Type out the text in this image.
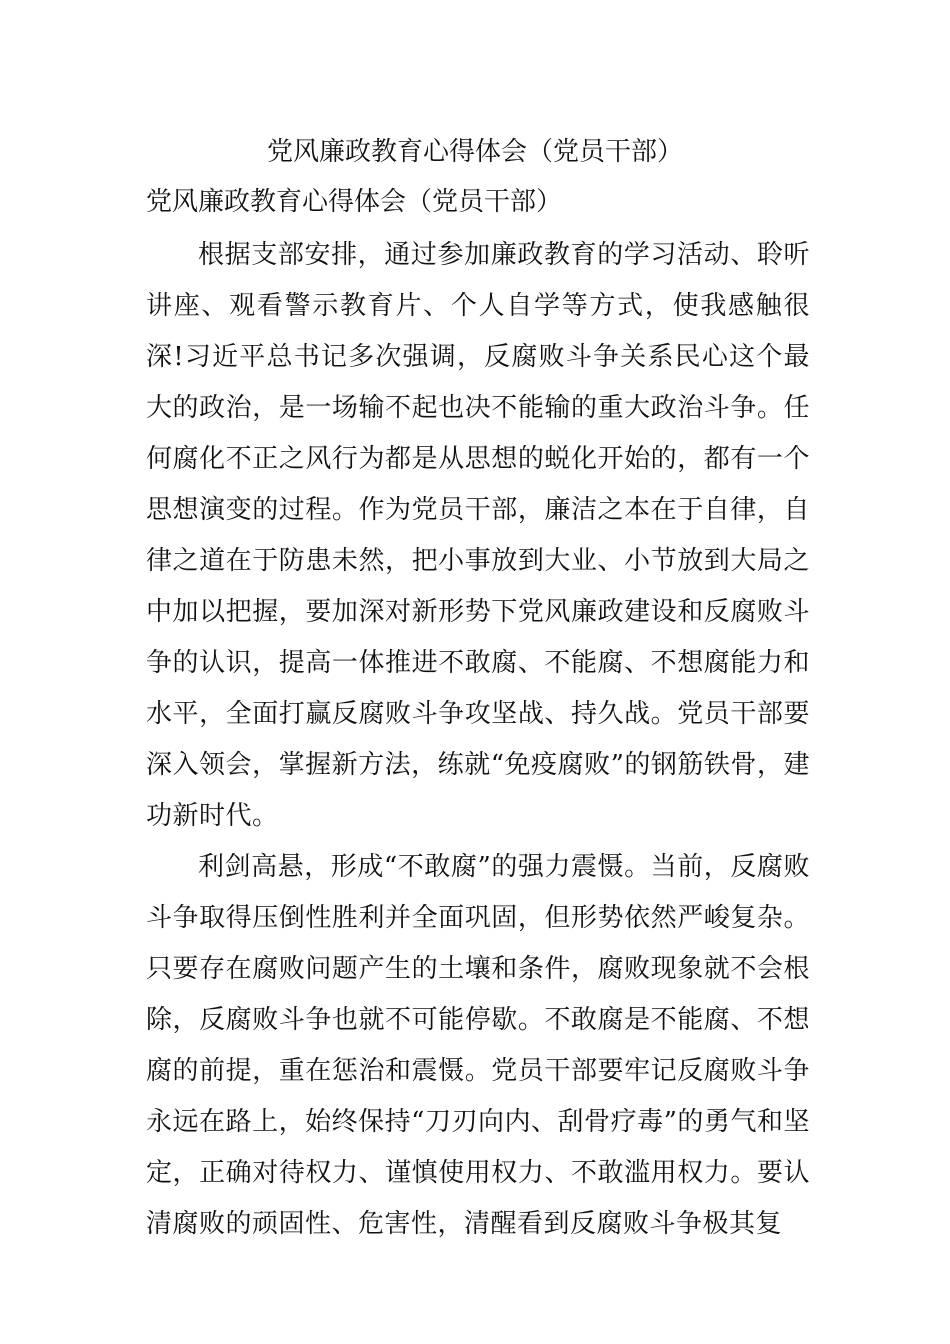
党风廉政教育心得体会（党员干部）

党风廉政教育心得体会（党员干部）

根据支部安排，通过参加廉政教育的学习活动、聆听讲座、观看警示教育片、个人自学等方式，使我感触很深!习近平总书记多次强调，反腐败斗争关系民心这个最大的政治，是一场输不起也决不能输的重大政治斗争。任何腐化不正之风行为都是从思想的蜕化开始的，都有一个思想演变的过程。作为党员干部，廉洁之本在于自律，自律之道在于防患未然，把小事放到大业、小节放到大局之中加以把握，要加深对新形势下党风廉政建设和反腐败斗争的认识，提高一体推进不敢腐、不能腐、不想腐能力和水平，全面打赢反腐败斗争攻坚战、持久战。党员干部要深入领会，掌握新方法，练就“免疫腐败”的钢筋铁骨，建功新时代。

利剑高悬，形成“不敢腐”的强力震慑。当前，反腐败斗争取得压倒性胜利并全面巩固，但形势依然严峻复杂。只要存在腐败问题产生的土壤和条件，腐败现象就不会根除，反腐败斗争也就不可能停歇。不敢腐是不能腐、不想腐的前提，重在惩治和震慑。党员干部要牢记反腐败斗争永远在路上，始终保持“刀刃向内、刮骨疗毒”的勇气和坚定，正确对待权力、谨慎使用权力、不敢滥用权力。要认清腐败的顽固性、危害性，清醒看到反腐败斗争极其复
